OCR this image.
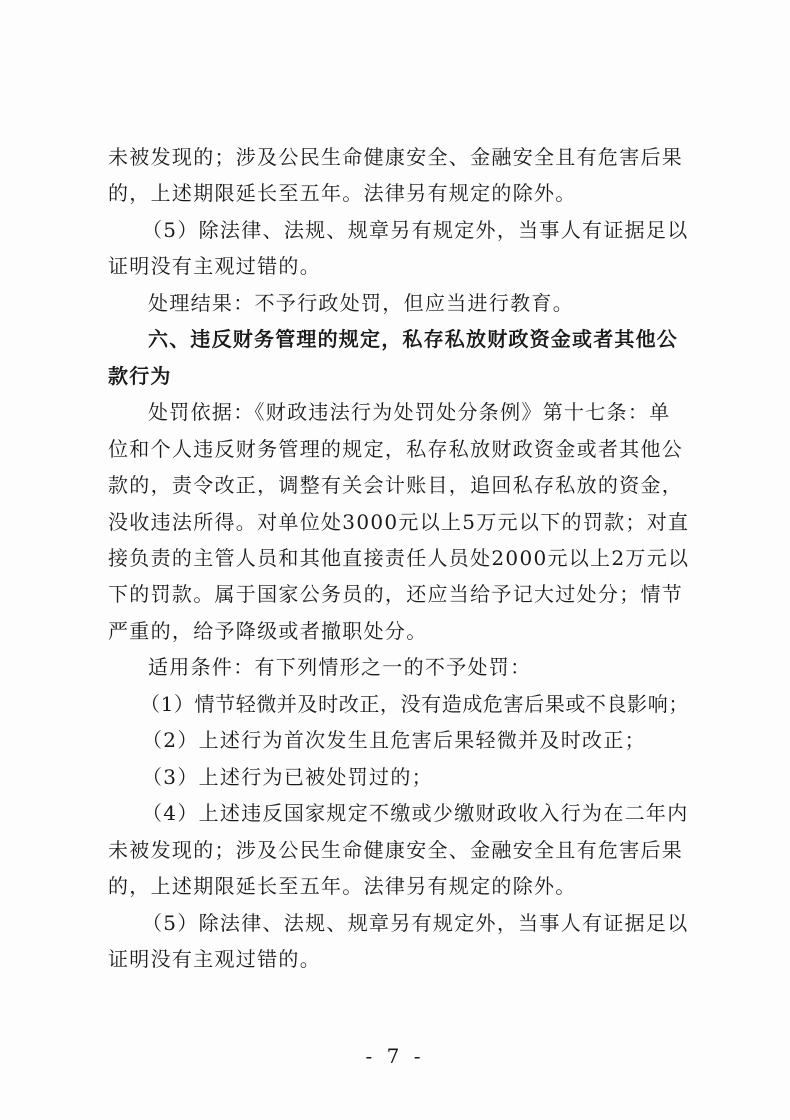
未被发现的；涉及公民生命健康安全、金融安全且有危害后果
的，上述期限延长至五年。法律另有规定的除外。
（5）除法律、法规、规章另有规定外，当事人有证据足以
证明没有主观过错的。
处理结果：不予行政处罚，但应当进行教育。
六、违反财务管理的规定，私存私放财政资金或者其他公
款行为
处罚依据：《财政违法行为处罚处分条例》第十七条：单
位和个人违反财务管理的规定，私存私放财政资金或者其他公
款的，责令改正，调整有关会计账目，追回私存私放的资金，
没收违法所得。对单位处3000元以上5万元以下的罚款；对直
接负责的主管人员和其他直接责任人员处2000元以上2万元以
下的罚款。属于国家公务员的，还应当给予记大过处分；情节
严重的，给予降级或者撤职处分。
适用条件：有下列情形之一的不予处罚：
（1）情节轻微并及时改正，没有造成危害后果或不良影响；
（2）上述行为首次发生且危害后果轻微并及时改正；
（3）上述行为已被处罚过的；
（4）上述违反国家规定不缴或少缴财政收入行为在二年内
未被发现的；涉及公民生命健康安全、金融安全且有危害后果
的，上述期限延长至五年。法律另有规定的除外。
（5）除法律、法规、规章另有规定外，当事人有证据足以
证明没有主观过错的。
- 7 -
